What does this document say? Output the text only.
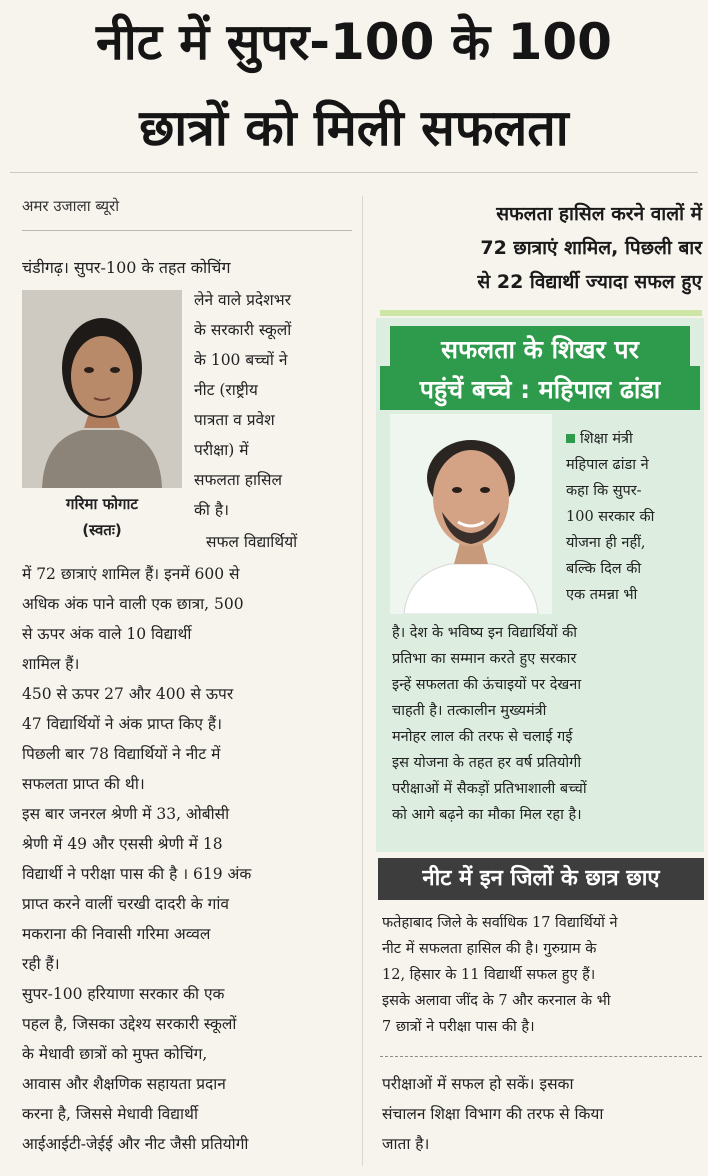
नीट में सुपर-100 के 100
छात्रों को मिली सफलता
अमर उजाला ब्यूरो
चंडीगढ़। सुपर-100 के तहत कोचिंग
गरिमा फोगाट
(स्वतः)
लेने वाले प्रदेशभर
के सरकारी स्कूलों
के 100 बच्चों ने
नीट (राष्ट्रीय
पात्रता व प्रवेश
परीक्षा) में
सफलता हासिल
की है।
सफल विद्यार्थियों
में 72 छात्राएं शामिल हैं। इनमें 600 से
अधिक अंक पाने वाली एक छात्रा, 500
से ऊपर अंक वाले 10 विद्यार्थी
शामिल हैं।
450 से ऊपर 27 और 400 से ऊपर
47 विद्यार्थियों ने अंक प्राप्त किए हैं।
पिछली बार 78 विद्यार्थियों ने नीट में
सफलता प्राप्त की थी।
इस बार जनरल श्रेणी में 33, ओबीसी
श्रेणी में 49 और एससी श्रेणी में 18
विद्यार्थी ने परीक्षा पास की है । 619 अंक
प्राप्त करने वालीं चरखी दादरी के गांव
मकराना की निवासी गरिमा अव्वल
रही हैं।
सुपर-100 हरियाणा सरकार की एक
पहल है, जिसका उद्देश्य सरकारी स्कूलों
के मेधावी छात्रों को मुफ्त कोचिंग,
आवास और शैक्षणिक सहायता प्रदान
करना है, जिससे मेधावी विद्यार्थी
आईआईटी-जेईई और नीट जैसी प्रतियोगी
सफलता हासिल करने वालों में
72 छात्राएं शामिल, पिछली बार
से 22 विद्यार्थी ज्यादा सफल हुए
सफलता के शिखर पर
पहुंचें बच्चे : महिपाल ढांडा
शिक्षा मंत्री
महिपाल ढांडा ने
कहा कि सुपर-
100 सरकार की
योजना ही नहीं,
बल्कि दिल की
एक तमन्ना भी
है। देश के भविष्य इन विद्यार्थियों की
प्रतिभा का सम्मान करते हुए सरकार
इन्हें सफलता की ऊंचाइयों पर देखना
चाहती है। तत्कालीन मुख्यमंत्री
मनोहर लाल की तरफ से चलाई गई
इस योजना के तहत हर वर्ष प्रतियोगी
परीक्षाओं में सैकड़ों प्रतिभाशाली बच्चों
को आगे बढ़ने का मौका मिल रहा है।
नीट में इन जिलों के छात्र छाए
फतेहाबाद जिले के सर्वाधिक 17 विद्यार्थियों ने
नीट में सफलता हासिल की है। गुरुग्राम के
12, हिसार के 11 विद्यार्थी सफल हुए हैं।
इसके अलावा जींद के 7 और करनाल के भी
7 छात्रों ने परीक्षा पास की है।
परीक्षाओं में सफल हो सकें। इसका
संचालन शिक्षा विभाग की तरफ से किया
जाता है।
